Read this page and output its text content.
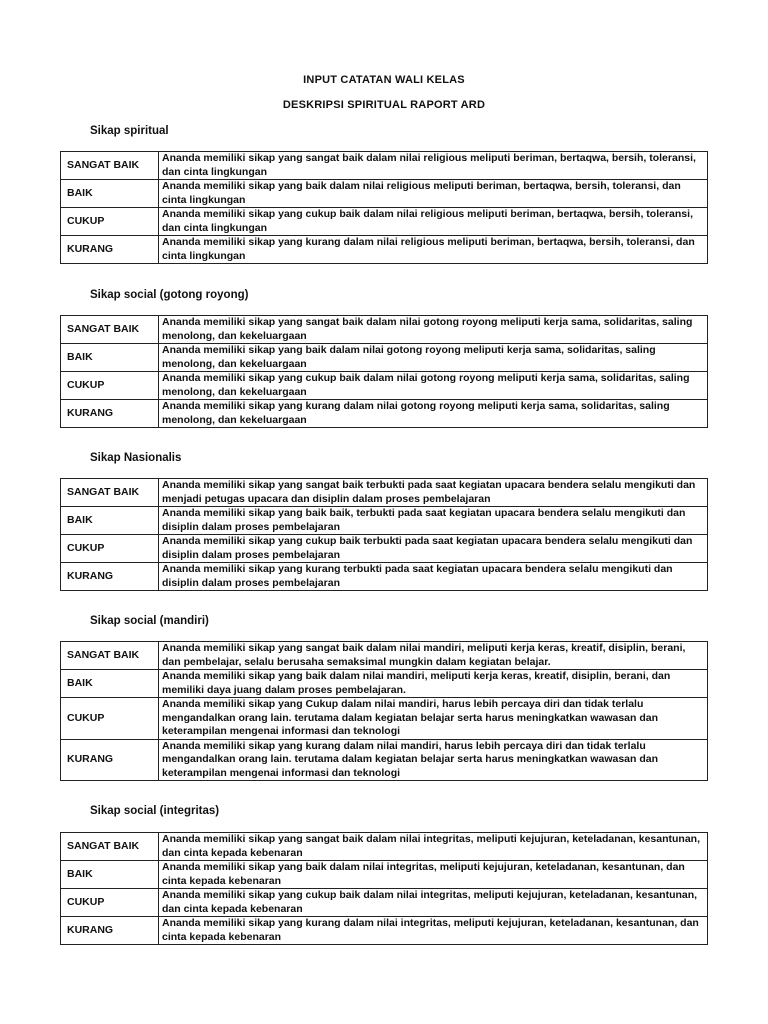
INPUT CATATAN WALI KELAS
DESKRIPSI SPIRITUAL RAPORT ARD
Sikap spiritual
SANGAT BAIK	Ananda memiliki sikap yang sangat baik dalam nilai religious meliputi beriman, bertaqwa, bersih, toleransi, dan cinta lingkungan
BAIK	Ananda memiliki sikap yang baik dalam nilai religious meliputi beriman, bertaqwa, bersih, toleransi, dan cinta lingkungan
CUKUP	Ananda memiliki sikap yang cukup baik dalam nilai religious meliputi beriman, bertaqwa, bersih, toleransi, dan cinta lingkungan
KURANG	Ananda memiliki sikap yang kurang dalam nilai religious meliputi beriman, bertaqwa, bersih, toleransi, dan cinta lingkungan
Sikap social (gotong royong)
SANGAT BAIK	Ananda memiliki sikap yang sangat baik dalam nilai gotong royong meliputi kerja sama, solidaritas, saling menolong, dan kekeluargaan
BAIK	Ananda memiliki sikap yang baik dalam nilai gotong royong meliputi kerja sama, solidaritas, saling menolong, dan kekeluargaan
CUKUP	Ananda memiliki sikap yang cukup baik dalam nilai gotong royong meliputi kerja sama, solidaritas, saling menolong, dan kekeluargaan
KURANG	Ananda memiliki sikap yang kurang dalam nilai gotong royong meliputi kerja sama, solidaritas, saling menolong, dan kekeluargaan
Sikap Nasionalis
SANGAT BAIK	Ananda memiliki sikap yang sangat baik terbukti pada saat kegiatan upacara bendera selalu mengikuti dan menjadi petugas upacara dan disiplin dalam proses pembelajaran
BAIK	Ananda memiliki sikap yang baik baik, terbukti pada saat kegiatan upacara bendera selalu mengikuti dan disiplin dalam proses pembelajaran
CUKUP	Ananda memiliki sikap yang cukup baik terbukti pada saat kegiatan upacara bendera selalu mengikuti dan disiplin dalam proses pembelajaran
KURANG	Ananda memiliki sikap yang kurang terbukti pada saat kegiatan upacara bendera selalu mengikuti dan disiplin dalam proses pembelajaran
Sikap social (mandiri)
SANGAT BAIK	Ananda memiliki sikap yang sangat baik dalam nilai mandiri, meliputi kerja keras, kreatif, disiplin, berani, dan pembelajar, selalu berusaha semaksimal mungkin dalam kegiatan belajar.
BAIK	Ananda memiliki sikap yang baik dalam nilai mandiri, meliputi kerja keras, kreatif, disiplin, berani, dan memiliki daya juang dalam proses pembelajaran.
CUKUP	Ananda memiliki sikap yang Cukup dalam nilai mandiri, harus lebih percaya diri dan tidak terlalu mengandalkan orang lain. terutama dalam kegiatan belajar serta harus meningkatkan wawasan dan keterampilan mengenai informasi dan teknologi
KURANG	Ananda memiliki sikap yang kurang dalam nilai mandiri, harus lebih percaya diri dan tidak terlalu mengandalkan orang lain. terutama dalam kegiatan belajar serta harus meningkatkan wawasan dan keterampilan mengenai informasi dan teknologi
Sikap social (integritas)
SANGAT BAIK	Ananda memiliki sikap yang sangat baik dalam nilai integritas, meliputi kejujuran, keteladanan, kesantunan, dan cinta kepada kebenaran
BAIK	Ananda memiliki sikap yang baik dalam nilai integritas, meliputi kejujuran, keteladanan, kesantunan, dan cinta kepada kebenaran
CUKUP	Ananda memiliki sikap yang cukup baik dalam nilai integritas, meliputi kejujuran, keteladanan, kesantunan, dan cinta kepada kebenaran
KURANG	Ananda memiliki sikap yang kurang dalam nilai integritas, meliputi kejujuran, keteladanan, kesantunan, dan cinta kepada kebenaran
